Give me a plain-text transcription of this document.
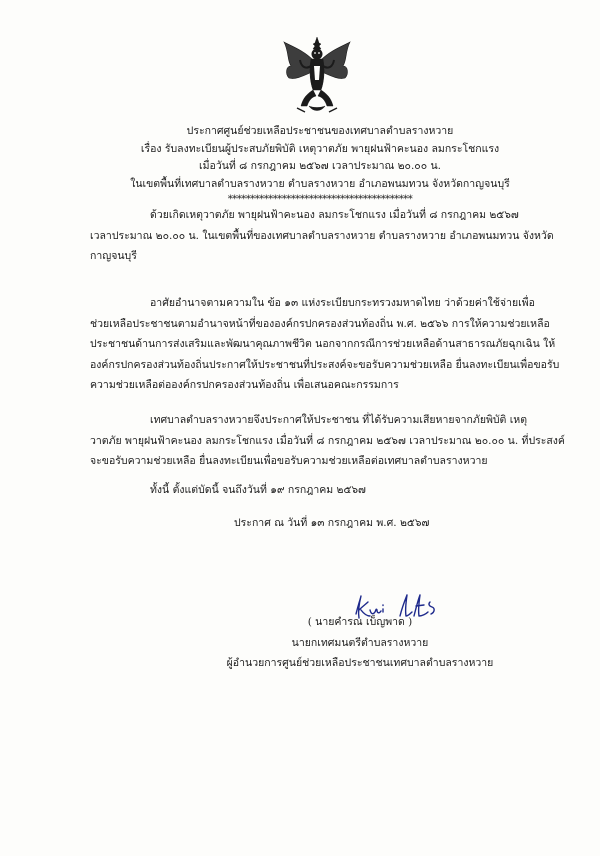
ประกาศศูนย์ช่วยเหลือประชาชนของเทศบาลตำบลรางหวาย
เรื่อง รับลงทะเบียนผู้ประสบภัยพิบัติ เหตุวาตภัย พายุฝนฟ้าคะนอง ลมกระโชกแรง
เมื่อวันที่ ๘ กรกฎาคม ๒๕๖๗ เวลาประมาณ ๒๐.๐๐ น.
ในเขตพื้นที่เทศบาลตำบลรางหวาย ตำบลรางหวาย อำเภอพนมทวน จังหวัดกาญจนบุรี
*****************************************
ด้วยเกิดเหตุวาตภัย พายุฝนฟ้าคะนอง ลมกระโชกแรง เมื่อวันที่ ๘ กรกฎาคม ๒๕๖๗
เวลาประมาณ ๒๐.๐๐ น. ในเขตพื้นที่ของเทศบาลตำบลรางหวาย ตำบลรางหวาย อำเภอพนมทวน จังหวัด
กาญจนบุรี
อาศัยอำนาจตามความใน ข้อ ๑๓ แห่งระเบียบกระทรวงมหาดไทย ว่าด้วยค่าใช้จ่ายเพื่อ
ช่วยเหลือประชาชนตามอำนาจหน้าที่ขององค์กรปกครองส่วนท้องถิ่น พ.ศ. ๒๕๖๖ การให้ความช่วยเหลือ
ประชาชนด้านการส่งเสริมและพัฒนาคุณภาพชีวิต นอกจากกรณีการช่วยเหลือด้านสาธารณภัยฉุกเฉิน ให้
องค์กรปกครองส่วนท้องถิ่นประกาศให้ประชาชนที่ประสงค์จะขอรับความช่วยเหลือ ยื่นลงทะเบียนเพื่อขอรับ
ความช่วยเหลือต่อองค์กรปกครองส่วนท้องถิ่น เพื่อเสนอคณะกรรมการ
เทศบาลตำบลรางหวายจึงประกาศให้ประชาชน ที่ได้รับความเสียหายจากภัยพิบัติ เหตุ
วาตภัย พายุฝนฟ้าคะนอง ลมกระโชกแรง เมื่อวันที่ ๘ กรกฎาคม ๒๕๖๗ เวลาประมาณ ๒๐.๐๐ น. ที่ประสงค์
จะขอรับความช่วยเหลือ ยื่นลงทะเบียนเพื่อขอรับความช่วยเหลือต่อเทศบาลตำบลรางหวาย
ทั้งนี้ ตั้งแต่บัดนี้ จนถึงวันที่ ๑๙ กรกฎาคม ๒๕๖๗
ประกาศ ณ วันที่ ๑๓ กรกฎาคม พ.ศ. ๒๕๖๗
( นายคำรณ เบ็ญพาด )
นายกเทศมนตรีตำบลรางหวาย
ผู้อำนวยการศูนย์ช่วยเหลือประชาชนเทศบาลตำบลรางหวาย
